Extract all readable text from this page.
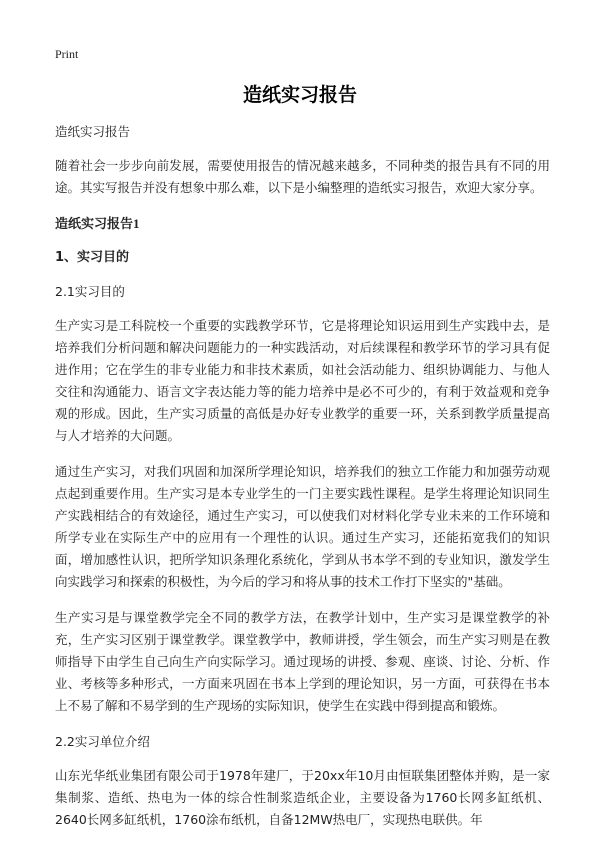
Print
造纸实习报告

造纸实习报告

随着社会一步步向前发展，需要使用报告的情况越来越多，不同种类的报告具有不同的用途。其实写报告并没有想象中那么难，以下是小编整理的造纸实习报告，欢迎大家分享。

造纸实习报告1

1、实习目的

2.1实习目的

生产实习是工科院校一个重要的实践教学环节，它是将理论知识运用到生产实践中去，是培养我们分析问题和解决问题能力的一种实践活动，对后续课程和教学环节的学习具有促进作用；它在学生的非专业能力和非技术素质，如社会活动能力、组织协调能力、与他人交往和沟通能力、语言文字表达能力等的能力培养中是必不可少的，有利于效益观和竞争观的形成。因此，生产实习质量的高低是办好专业教学的重要一环，关系到教学质量提高与人才培养的大问题。

通过生产实习，对我们巩固和加深所学理论知识，培养我们的独立工作能力和加强劳动观点起到重要作用。生产实习是本专业学生的一门主要实践性课程。是学生将理论知识同生产实践相结合的有效途径，通过生产实习，可以使我们对材料化学专业未来的工作环境和所学专业在实际生产中的应用有一个理性的认识。通过生产实习，还能拓宽我们的知识面，增加感性认识，把所学知识条理化系统化，学到从书本学不到的专业知识，激发学生向实践学习和探索的积极性，为今后的学习和将从事的技术工作打下坚实的"基础。

生产实习是与课堂教学完全不同的教学方法，在教学计划中，生产实习是课堂教学的补充，生产实习区别于课堂教学。课堂教学中，教师讲授，学生领会，而生产实习则是在教师指导下由学生自己向生产向实际学习。通过现场的讲授、参观、座谈、讨论、分析、作业、考核等多种形式，一方面来巩固在书本上学到的理论知识，另一方面，可获得在书本上不易了解和不易学到的生产现场的实际知识，使学生在实践中得到提高和锻炼。

2.2实习单位介绍

山东光华纸业集团有限公司于1978年建厂，于20xx年10月由恒联集团整体并购，是一家集制浆、造纸、热电为一体的综合性制浆造纸企业，主要设备为1760长网多缸纸机、2640长网多缸纸机，1760涂布纸机，自备12MW热电厂，实现热电联供。年
